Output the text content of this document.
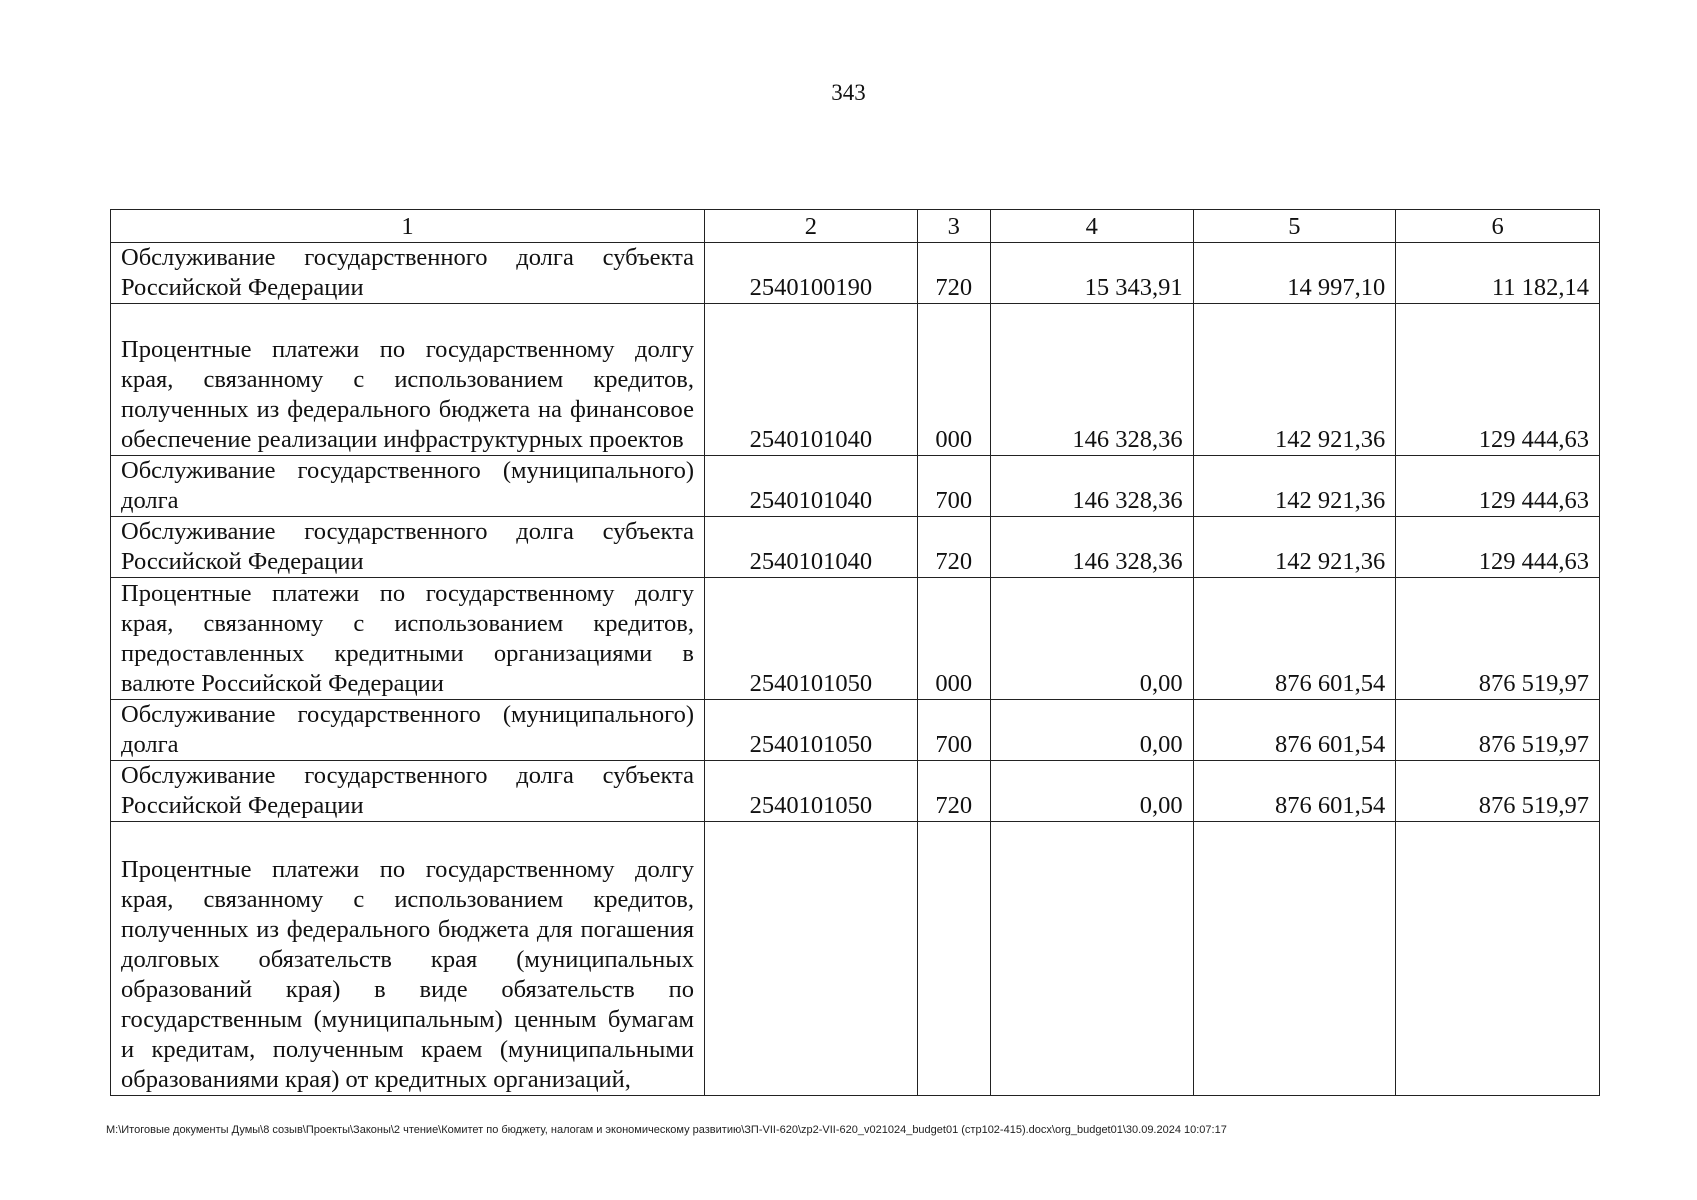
343
1	2	3	4	5	6
Обслуживание государственного долга субъекта Российской Федерации	2540100190	720	15 343,91	14 997,10	11 182,14
Процентные платежи по государственному долгу края, связанному с использованием кредитов, полученных из федерального бюджета на финансовое обеспечение реализации инфраструктурных проектов	2540101040	000	146 328,36	142 921,36	129 444,63
Обслуживание государственного (муниципального) долга	2540101040	700	146 328,36	142 921,36	129 444,63
Обслуживание государственного долга субъекта Российской Федерации	2540101040	720	146 328,36	142 921,36	129 444,63
Процентные платежи по государственному долгу края, связанному с использованием кредитов, предоставленных кредитными организациями в валюте Российской Федерации	2540101050	000	0,00	876 601,54	876 519,97
Обслуживание государственного (муниципального) долга	2540101050	700	0,00	876 601,54	876 519,97
Обслуживание государственного долга субъекта Российской Федерации	2540101050	720	0,00	876 601,54	876 519,97
Процентные платежи по государственному долгу края, связанному с использованием кредитов, полученных из федерального бюджета для погашения долговых обязательств края (муниципальных образований края) в виде обязательств по государственным (муниципальным) ценным бумагам и кредитам, полученным краем (муниципальными образованиями края) от кредитных организаций,					
M:\Итоговые документы Думы\8 созыв\Проекты\Законы\2 чтение\Комитет по бюджету, налогам и экономическому развитию\ЗП-VII-620\zp2-VII-620_v021024_budget01 (стр102-415).docx\org_budget01\30.09.2024 10:07:17
